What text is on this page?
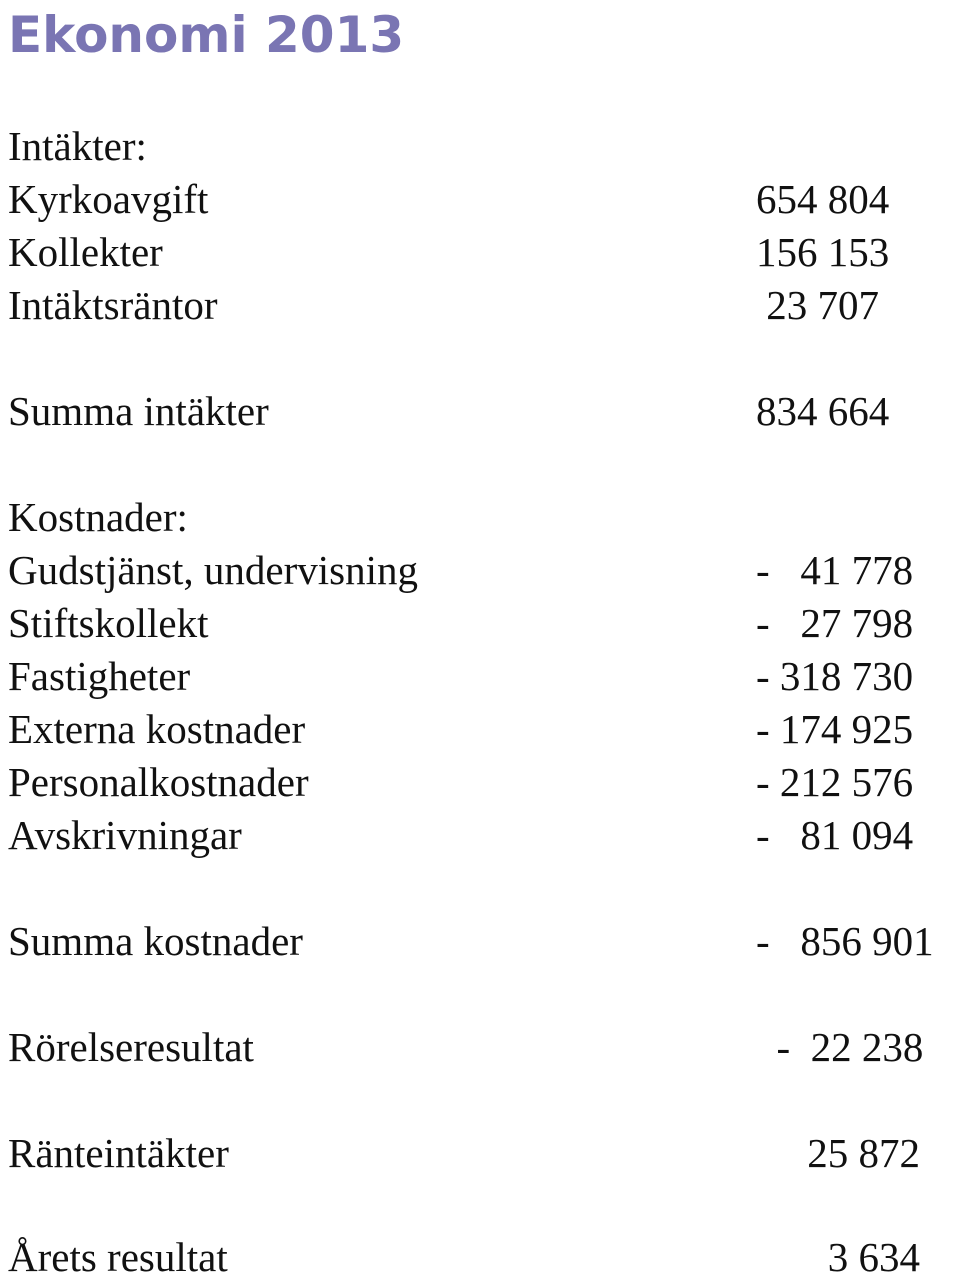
Ekonomi 2013
Intäkter:
Kyrkoavgift	654 804
Kollekter	156 153
Intäktsräntor	23 707
Summa intäkter	834 664
Kostnader:
Gudstjänst, undervisning	-   41 778
Stiftskollekt	-   27 798
Fastigheter	- 318 730
Externa kostnader	- 174 925
Personalkostnader	- 212 576
Avskrivningar	-   81 094
Summa kostnader	-   856 901
Rörelseresultat	-  22 238
Ränteintäkter	25 872
Årets resultat	3 634
